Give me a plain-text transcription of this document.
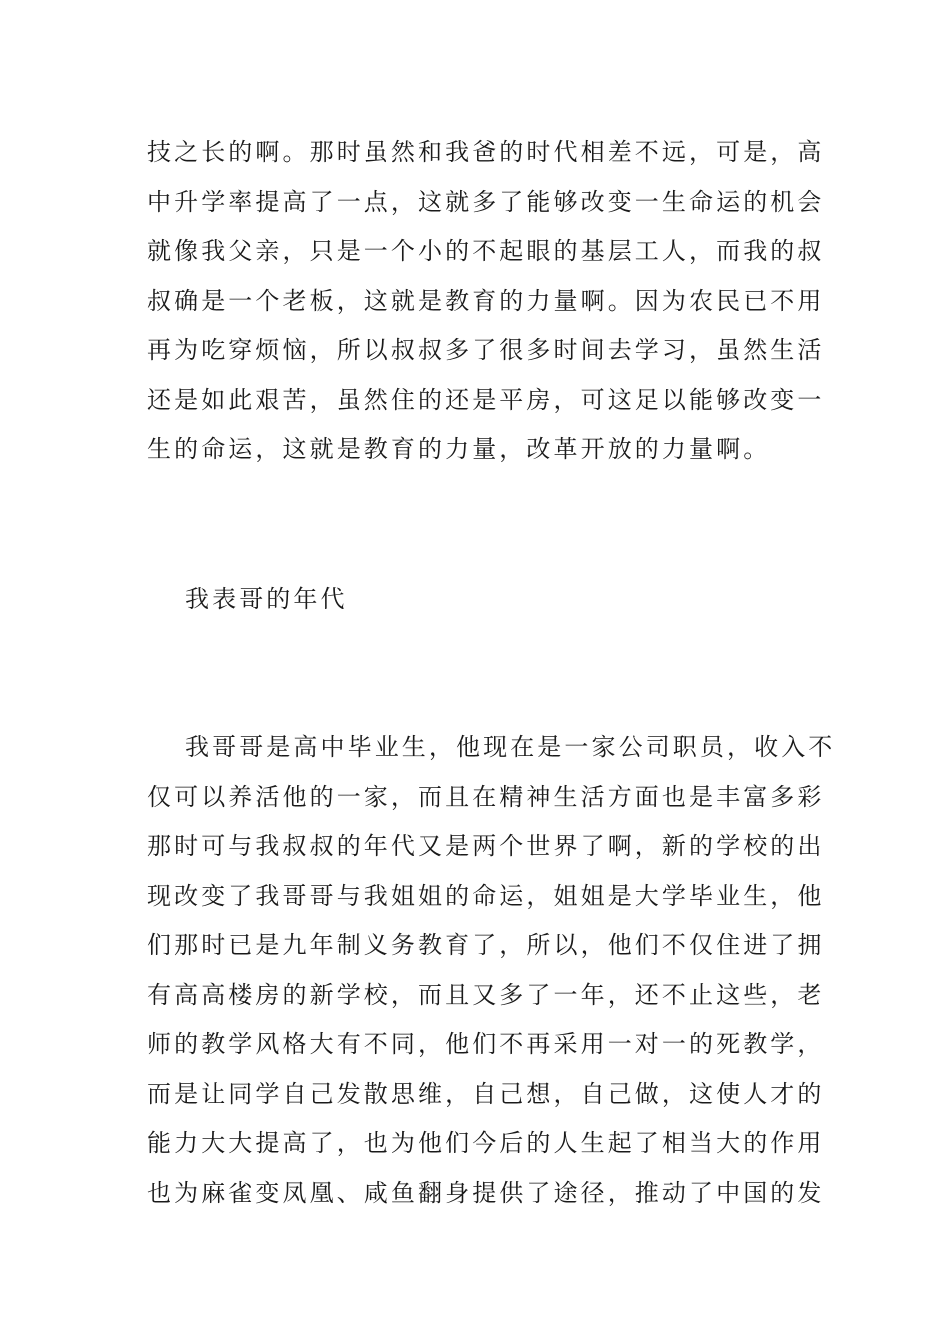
技之长的啊。那时虽然和我爸的时代相差不远，可是，高
中升学率提高了一点，这就多了能够改变一生命运的机会
就像我父亲，只是一个小的不起眼的基层工人，而我的叔
叔确是一个老板，这就是教育的力量啊。因为农民已不用
再为吃穿烦恼，所以叔叔多了很多时间去学习，虽然生活
还是如此艰苦，虽然住的还是平房，可这足以能够改变一
生的命运，这就是教育的力量，改革开放的力量啊。
我表哥的年代
我哥哥是高中毕业生，他现在是一家公司职员，收入不
仅可以养活他的一家，而且在精神生活方面也是丰富多彩
那时可与我叔叔的年代又是两个世界了啊，新的学校的出
现改变了我哥哥与我姐姐的命运，姐姐是大学毕业生，他
们那时已是九年制义务教育了，所以，他们不仅住进了拥
有高高楼房的新学校，而且又多了一年，还不止这些，老
师的教学风格大有不同，他们不再采用一对一的死教学，
而是让同学自己发散思维，自己想，自己做，这使人才的
能力大大提高了，也为他们今后的人生起了相当大的作用
也为麻雀变凤凰、咸鱼翻身提供了途径，推动了中国的发
